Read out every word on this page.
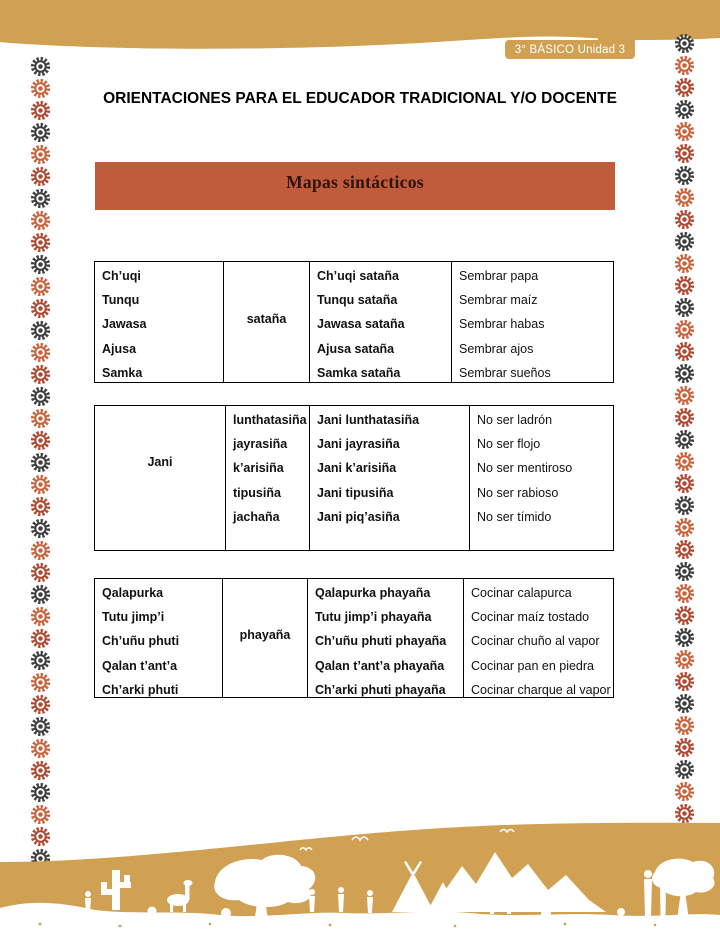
3° BÁSICO Unidad 3
ORIENTACIONES PARA EL EDUCADOR TRADICIONAL Y/O DOCENTE
Mapas sintácticos
Ch’uqi
Tunqu
Jawasa
Ajusa
Samka
sataña
Ch’uqi sataña
Tunqu sataña
Jawasa sataña
Ajusa sataña
Samka sataña
Sembrar papa
Sembrar maíz
Sembrar habas
Sembrar ajos
Sembrar sueños
Jani
lunthatasiña
jayrasiña
k’arisiña
tipusiña
jachaña
Jani lunthatasiña
Jani jayrasiña
Jani k’arisiña
Jani tipusiña
Jani piq’asiña
No ser ladrón
No ser flojo
No ser mentiroso
No ser rabioso
No ser tímido
Qalapurka
Tutu jimp’i
Ch’uñu phuti
Qalan t’ant’a
Ch’arki phuti
phayaña
Qalapurka phayaña
Tutu jimp’i phayaña
Ch’uñu phuti phayaña
Qalan t’ant’a phayaña
Ch’arki phuti phayaña
Cocinar calapurca
Cocinar maíz tostado
Cocinar chuño al vapor
Cocinar pan en piedra
Cocinar charque al vapor
